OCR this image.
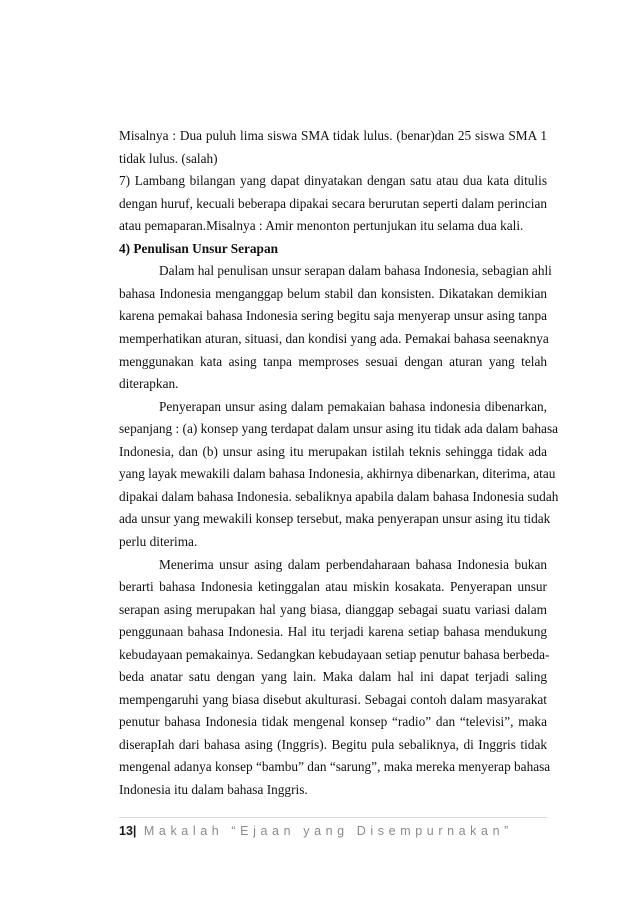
Misalnya : Dua puluh lima siswa SMA tidak lulus. (benar)dan 25 siswa SMA 1
tidak lulus. (salah)
7) Lambang bilangan yang dapat dinyatakan dengan satu atau dua kata ditulis
dengan huruf, kecuali beberapa dipakai secara berurutan seperti dalam perincian
atau pemaparan.Misalnya : Amir menonton pertunjukan itu selama dua kali.
4) Penulisan Unsur Serapan
Dalam hal penulisan unsur serapan dalam bahasa Indonesia, sebagian ahli
bahasa Indonesia menganggap belum stabil dan konsisten. Dikatakan demikian
karena pemakai bahasa Indonesia sering begitu saja menyerap unsur asing tanpa
memperhatikan aturan, situasi, dan kondisi yang ada. Pemakai bahasa seenaknya
menggunakan kata asing tanpa memproses sesuai dengan aturan yang telah
diterapkan.
Penyerapan unsur asing dalam pemakaian bahasa indonesia dibenarkan,
sepanjang : (a) konsep yang terdapat dalam unsur asing itu tidak ada dalam bahasa
Indonesia, dan (b) unsur asing itu merupakan istilah teknis sehingga tidak ada
yang layak mewakili dalam bahasa Indonesia, akhirnya dibenarkan, diterima, atau
dipakai dalam bahasa Indonesia. sebaliknya apabila dalam bahasa Indonesia sudah
ada unsur yang mewakili konsep tersebut, maka penyerapan unsur asing itu tidak
perlu diterima.
Menerima unsur asing dalam perbendaharaan bahasa Indonesia bukan
berarti bahasa Indonesia ketinggalan atau miskin kosakata. Penyerapan unsur
serapan asing merupakan hal yang biasa, dianggap sebagai suatu variasi dalam
penggunaan bahasa Indonesia. Hal itu terjadi karena setiap bahasa mendukung
kebudayaan pemakainya. Sedangkan kebudayaan setiap penutur bahasa berbeda-
beda anatar satu dengan yang lain. Maka dalam hal ini dapat terjadi saling
mempengaruhi yang biasa disebut akulturasi. Sebagai contoh dalam masyarakat
penutur bahasa Indonesia tidak mengenal konsep “radio” dan “televisi”, maka
diserapIah dari bahasa asing (Inggris). Begitu pula sebaliknya, di Inggris tidak
mengenal adanya konsep “bambu” dan “sarung”, maka mereka menyerap bahasa
Indonesia itu dalam bahasa Inggris.
13| Makalah “Ejaan yang Disempurnakan”
